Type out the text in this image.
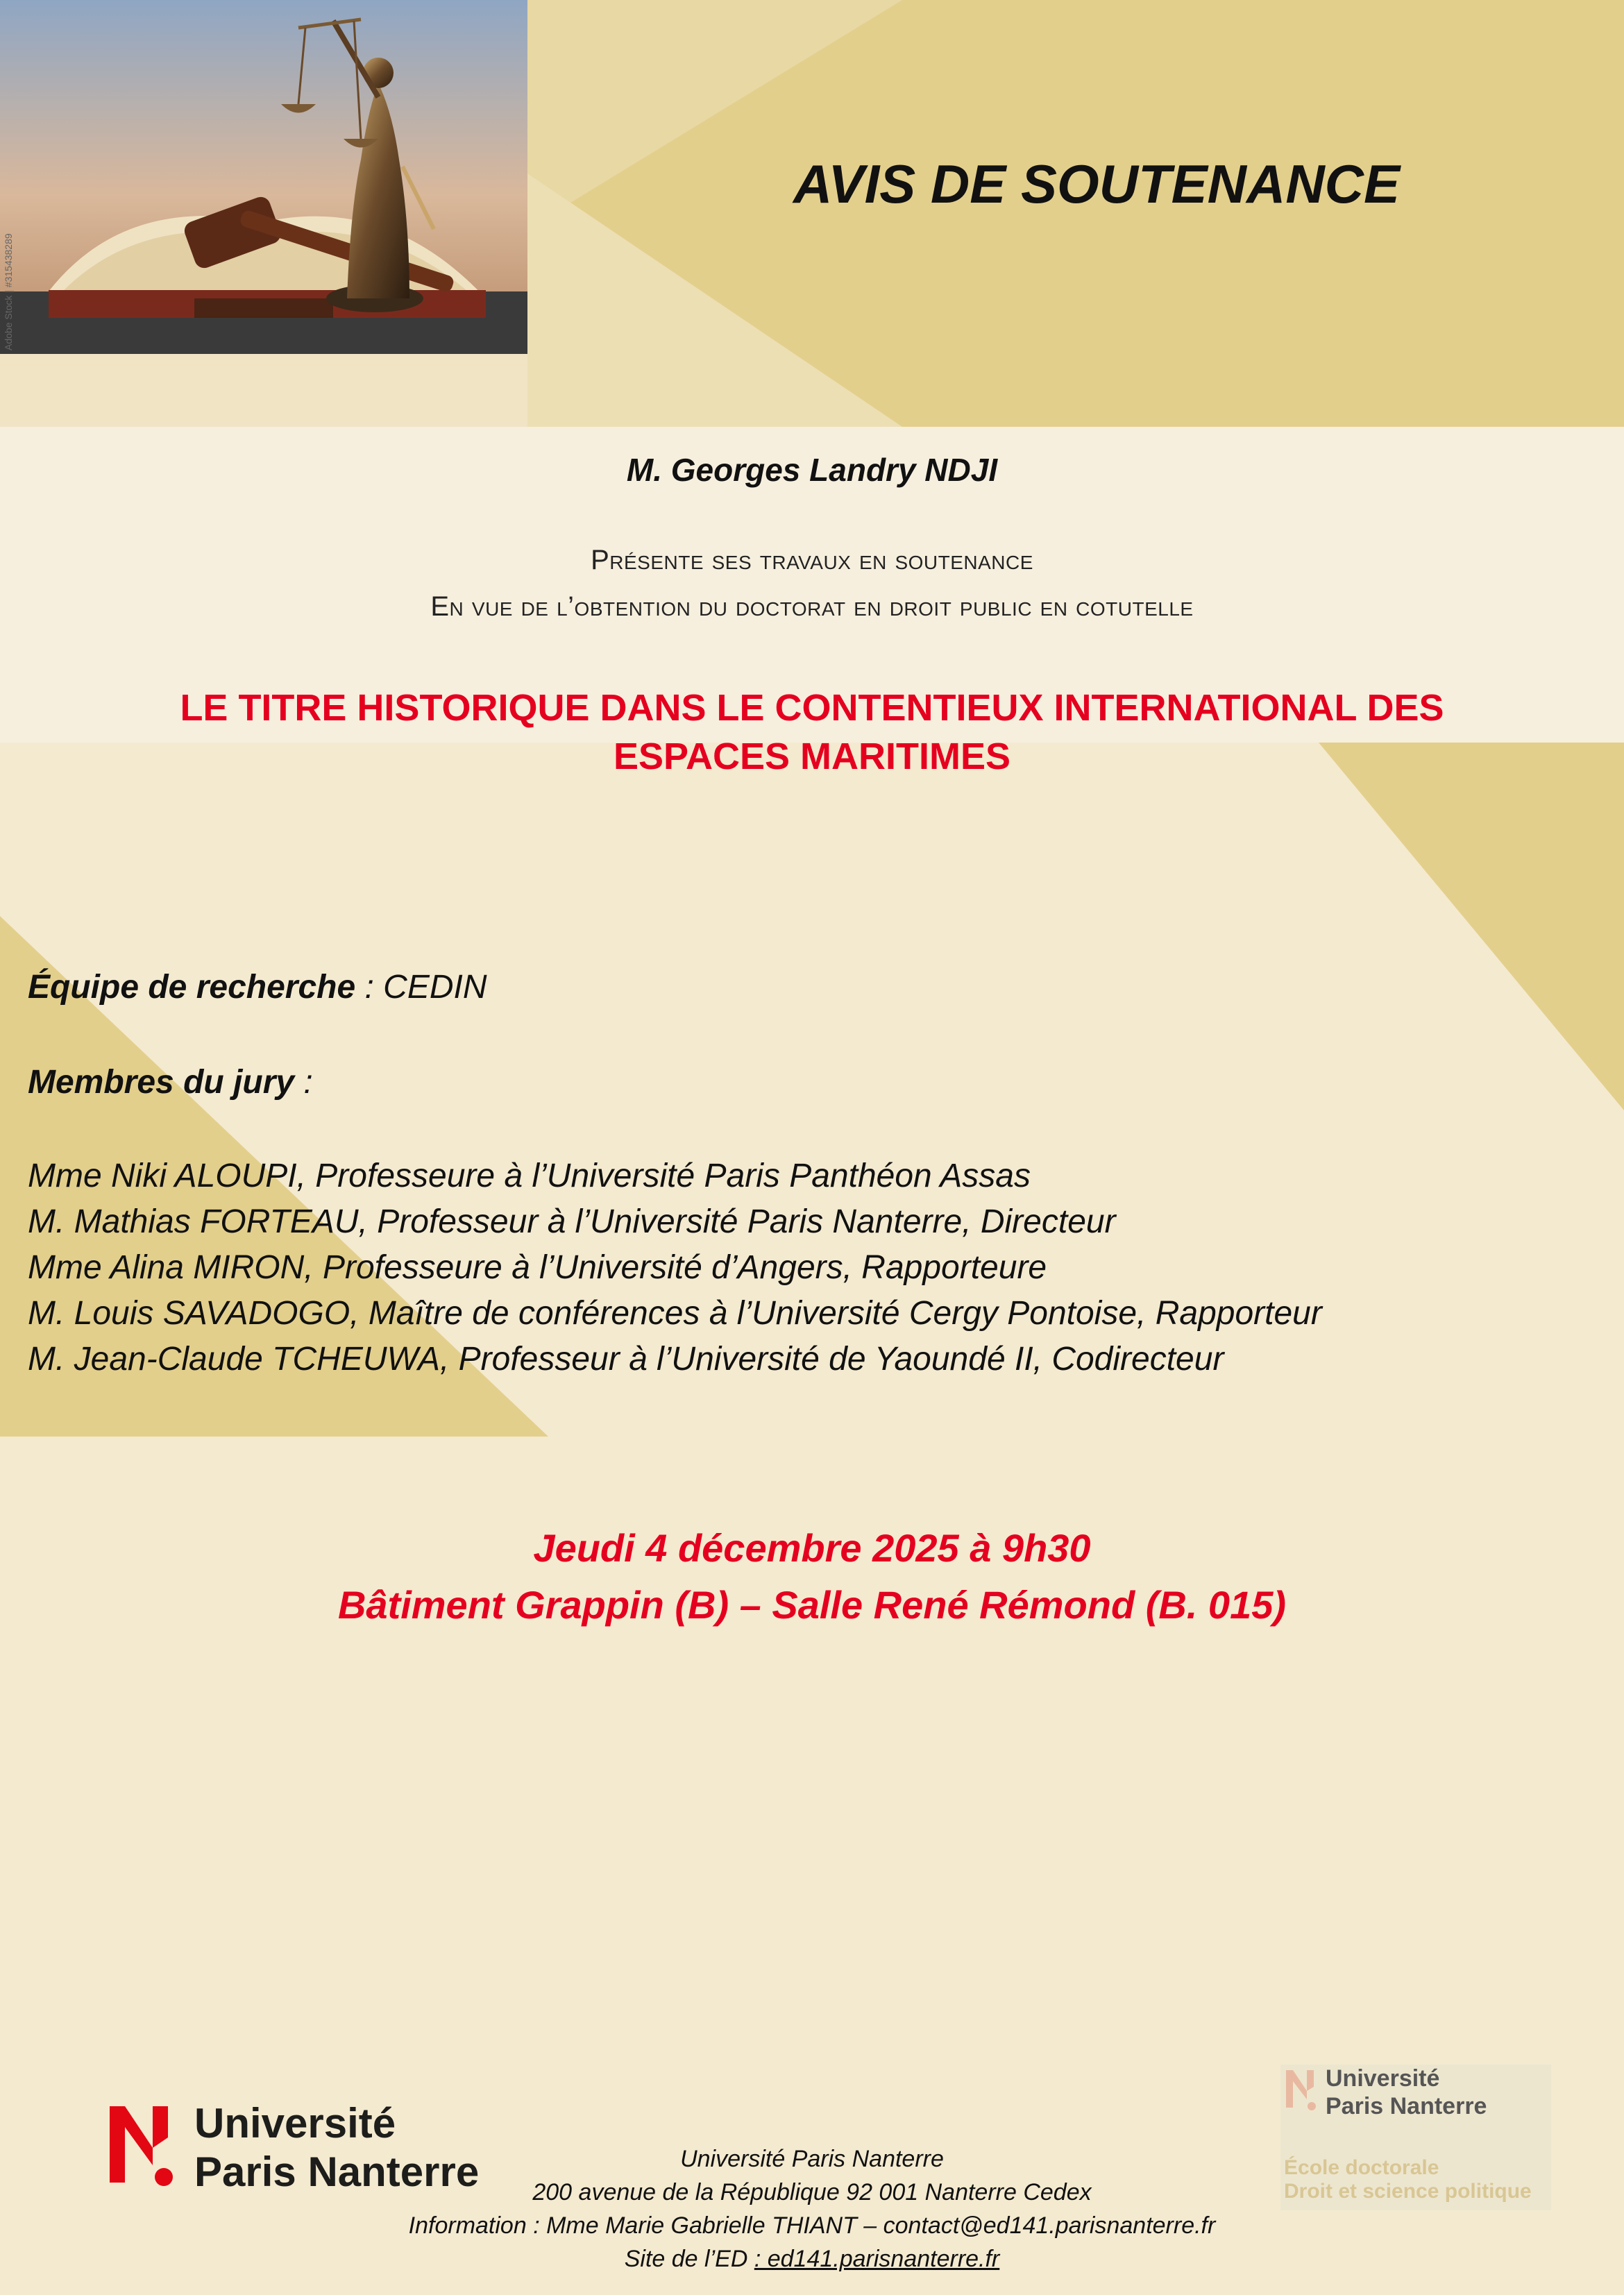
Adobe Stock | #315438289
AVIS DE SOUTENANCE
M. Georges Landry NDJI
Présente ses travaux en soutenance
En vue de l’obtention du doctorat en droit public en cotutelle
LE TITRE HISTORIQUE DANS LE CONTENTIEUX INTERNATIONAL DES
ESPACES MARITIMES
Équipe de recherche : CEDIN
Membres du jury :
Mme Niki ALOUPI, Professeure à l’Université Paris Panthéon Assas
M. Mathias FORTEAU, Professeur à l’Université Paris Nanterre, Directeur
Mme Alina MIRON, Professeure à l’Université d’Angers, Rapporteure
M. Louis SAVADOGO, Maître de conférences à l’Université Cergy Pontoise, Rapporteur
M. Jean-Claude TCHEUWA, Professeur à l’Université de Yaoundé II, Codirecteur
Jeudi 4 décembre 2025 à 9h30
Bâtiment Grappin (B) – Salle René Rémond (B. 015)
Université
Paris Nanterre
Université
Paris Nanterre
École doctorale
Droit et science politique
Université Paris Nanterre
200 avenue de la République 92 001 Nanterre Cedex
Information : Mme Marie Gabrielle THIANT – contact@ed141.parisnanterre.fr
Site de l’ED : ed141.parisnanterre.fr
